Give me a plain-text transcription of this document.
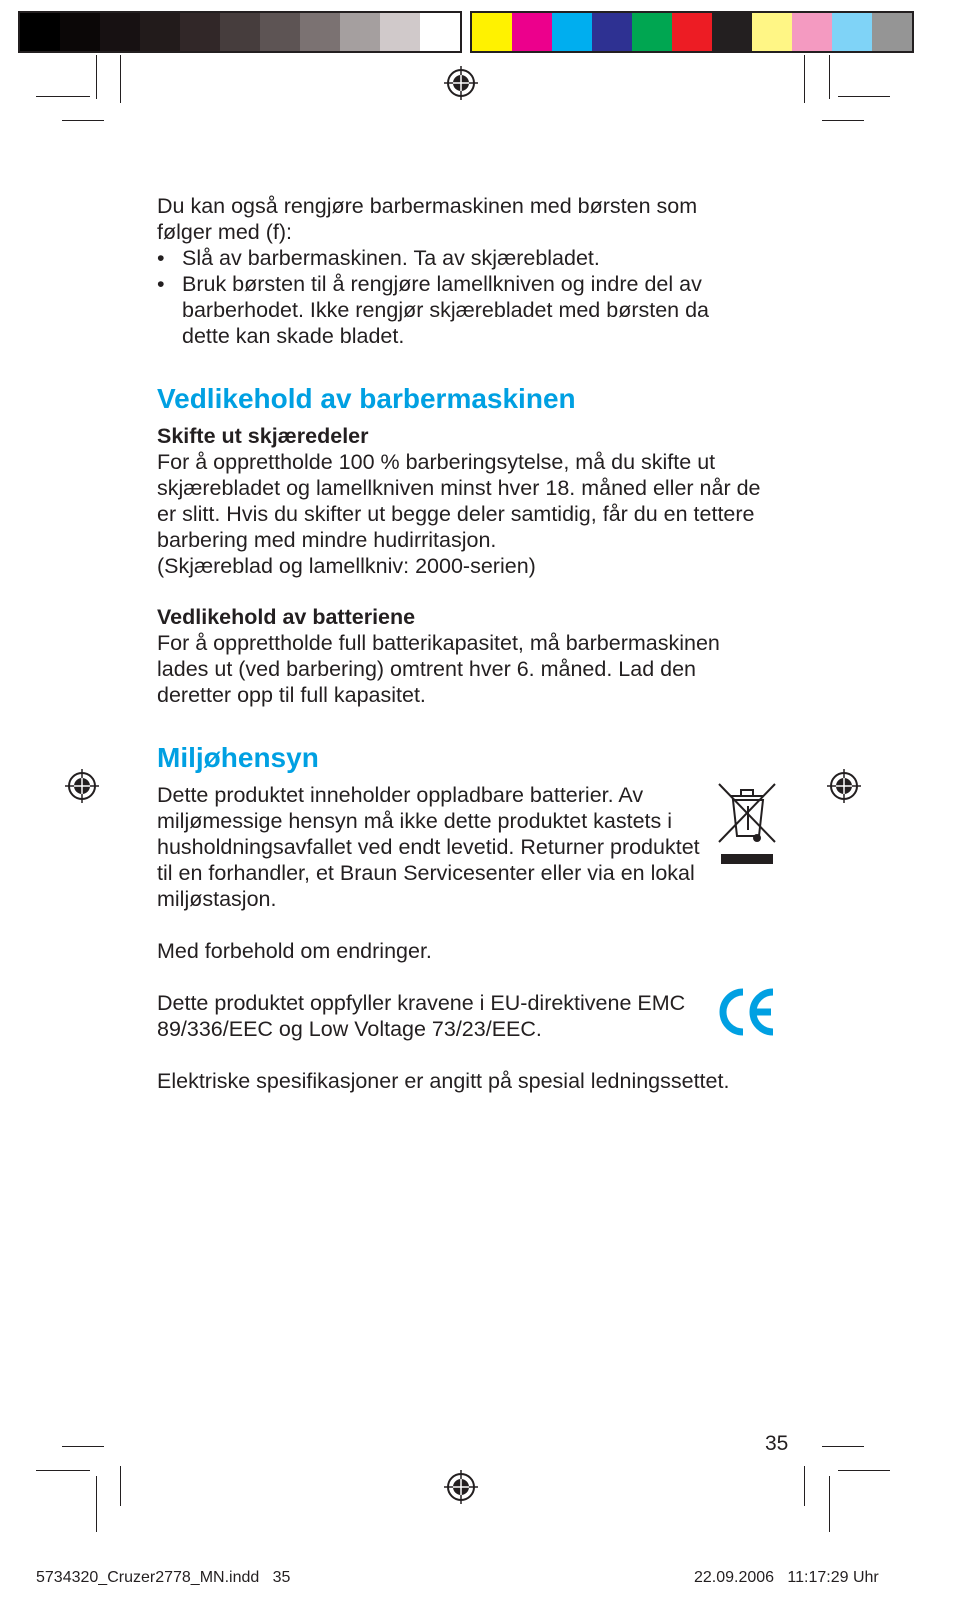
Du kan også rengjøre barbermaskinen med børsten som følger med (f):

• Slå av barbermaskinen. Ta av skjærebladet.
• Bruk børsten til å rengjøre lamellkniven og indre del av barberhodet. Ikke rengjør skjærebladet med børsten da dette kan skade bladet.
Vedlikehold av barbermaskinen

Skifte ut skjæredeler

For å opprettholde 100 % barberingsytelse, må du skifte ut skjærebladet og lamellkniven minst hver 18. måned eller når de er slitt. Hvis du skifter ut begge deler samtidig, får du en tettere barbering med mindre hudirritasjon.

(Skjæreblad og lamellkniv: 2000-serien)

Vedlikehold av batteriene

For å opprettholde full batterikapasitet, må barbermaskinen lades ut (ved barbering) omtrent hver 6. måned. Lad den deretter opp til full kapasitet.

Miljøhensyn

Dette produktet inneholder oppladbare batterier. Av miljømessige hensyn må ikke dette produktet kastets i husholdningsavfallet ved endt levetid. Returner produktet til en forhandler, et Braun Servicesenter eller via en lokal miljøstasjon.

Med forbehold om endringer.

Dette produktet oppfyller kravene i EU-direktivene EMC 89/336/EEC og Low Voltage 73/23/EEC.

Elektriske spesifikasjoner er angitt på spesial ledningssettet.

35
5734320_Cruzer2778_MN.indd   35	22.09.2006   11:17:29 Uhr
